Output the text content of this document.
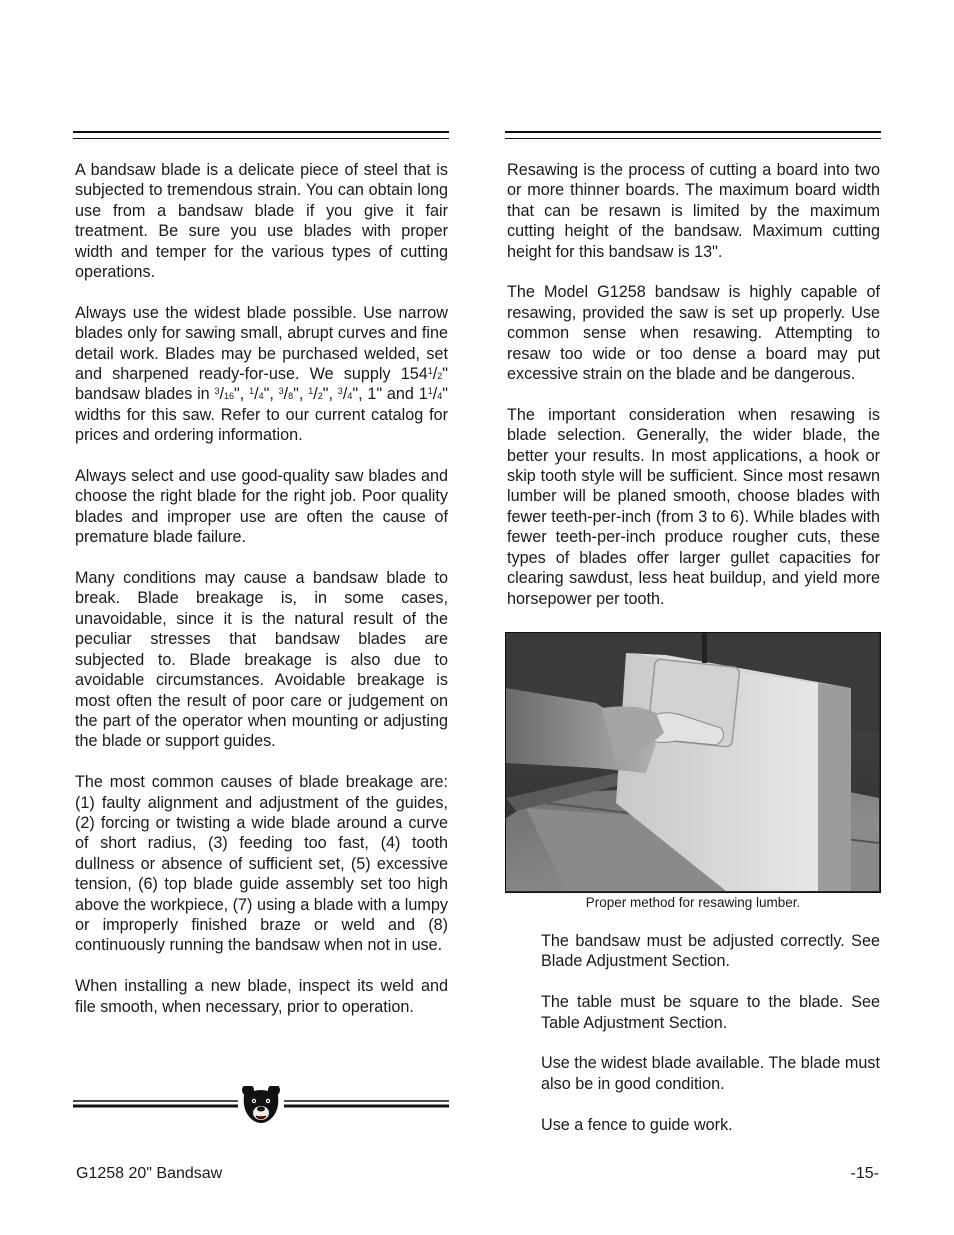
A bandsaw blade is a delicate piece of steel that is subjected to tremendous strain. You can obtain long use from a bandsaw blade if you give it fair treatment. Be sure you use blades with proper width and temper for the various types of cutting operations.

Always use the widest blade possible. Use narrow blades only for sawing small, abrupt curves and fine detail work. Blades may be purchased welded, set and sharpened ready-for-use. We supply $154^1/2$" bandsaw blades in $^3$/16", $^1$/4", $^3$/8", $^1$/2", $^3$/4", 1" and $1^1/4$" widths for this saw. Refer to our current catalog for prices and ordering information.

Always select and use good-quality saw blades and choose the right blade for the right job. Poor quality blades and improper use are often the cause of premature blade failure.

Many conditions may cause a bandsaw blade to break. Blade breakage is, in some cases, unavoidable, since it is the natural result of the peculiar stresses that bandsaw blades are subjected to. Blade breakage is also due to avoidable circumstances. Avoidable breakage is most often the result of poor care or judgement on the part of the operator when mounting or adjusting the blade or support guides.

The most common causes of blade breakage are: (1) faulty alignment and adjustment of the guides, (2) forcing or twisting a wide blade around a curve of short radius, (3) feeding too fast, (4) tooth dullness or absence of sufficient set, (5) excessive tension, (6) top blade guide assembly set too high above the workpiece, (7) using a blade with a lumpy or improperly finished braze or weld and (8) continuously running the bandsaw when not in use.

When installing a new blade, inspect its weld and file smooth, when necessary, prior to operation.

Resawing is the process of cutting a board into two or more thinner boards. The maximum board width that can be resawn is limited by the maximum cutting height of the bandsaw. Maximum cutting height for this bandsaw is 13".

The Model G1258 bandsaw is highly capable of resawing, provided the saw is set up properly. Use common sense when resawing. Attempting to resaw too wide or too dense a board may put excessive strain on the blade and be dangerous.

The important consideration when resawing is blade selection. Generally, the wider blade, the better your results. In most applications, a hook or skip tooth style will be sufficient. Since most resawn lumber will be planed smooth, choose blades with fewer teeth-per-inch (from 3 to 6). While blades with fewer teeth-per-inch produce rougher cuts, these types of blades offer larger gullet capacities for clearing sawdust, less heat buildup, and yield more horsepower per tooth.

Proper method for resawing lumber.

The bandsaw must be adjusted correctly. See Blade Adjustment Section.

The table must be square to the blade. See Table Adjustment Section.

Use the widest blade available. The blade must also be in good condition.

Use a fence to guide work.

G1258 20" Bandsaw	-15-
